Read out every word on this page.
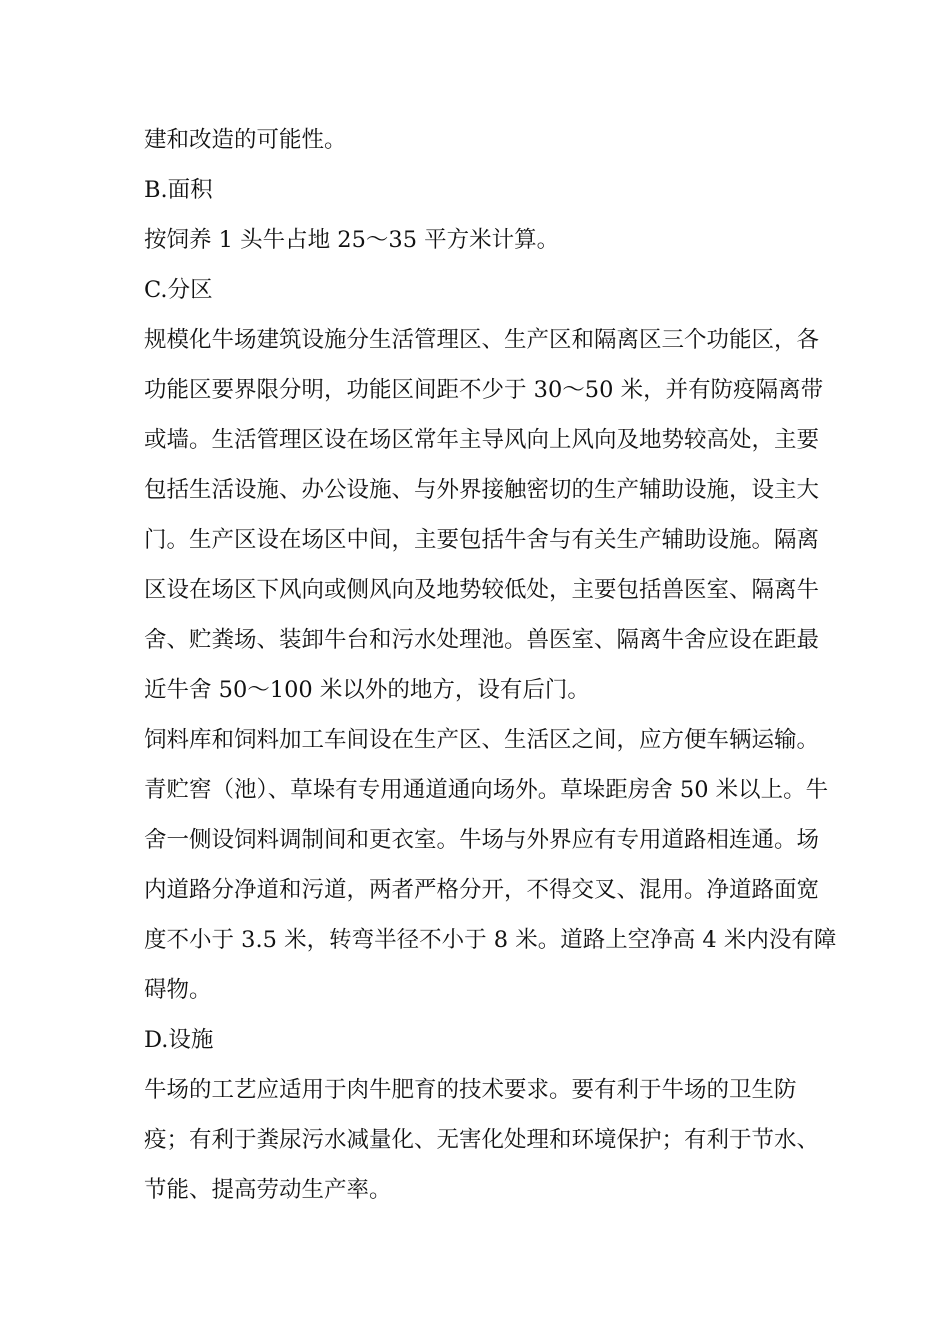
建和改造的可能性。
B.面积
按饲养 1 头牛占地 25～35 平方米计算。
C.分区
规模化牛场建筑设施分生活管理区、生产区和隔离区三个功能区，各
功能区要界限分明，功能区间距不少于 30～50 米，并有防疫隔离带
或墙。生活管理区设在场区常年主导风向上风向及地势较高处，主要
包括生活设施、办公设施、与外界接触密切的生产辅助设施，设主大
门。生产区设在场区中间，主要包括牛舍与有关生产辅助设施。隔离
区设在场区下风向或侧风向及地势较低处，主要包括兽医室、隔离牛
舍、贮粪场、装卸牛台和污水处理池。兽医室、隔离牛舍应设在距最
近牛舍 50～100 米以外的地方，设有后门。
饲料库和饲料加工车间设在生产区、生活区之间，应方便车辆运输。
青贮窖（池）、草垛有专用通道通向场外。草垛距房舍 50 米以上。牛
舍一侧设饲料调制间和更衣室。牛场与外界应有专用道路相连通。场
内道路分净道和污道，两者严格分开，不得交叉、混用。净道路面宽
度不小于 3.5 米，转弯半径不小于 8 米。道路上空净高 4 米内没有障
碍物。
D.设施
牛场的工艺应适用于肉牛肥育的技术要求。要有利于牛场的卫生防
疫；有利于粪尿污水减量化、无害化处理和环境保护；有利于节水、
节能、提高劳动生产率。
